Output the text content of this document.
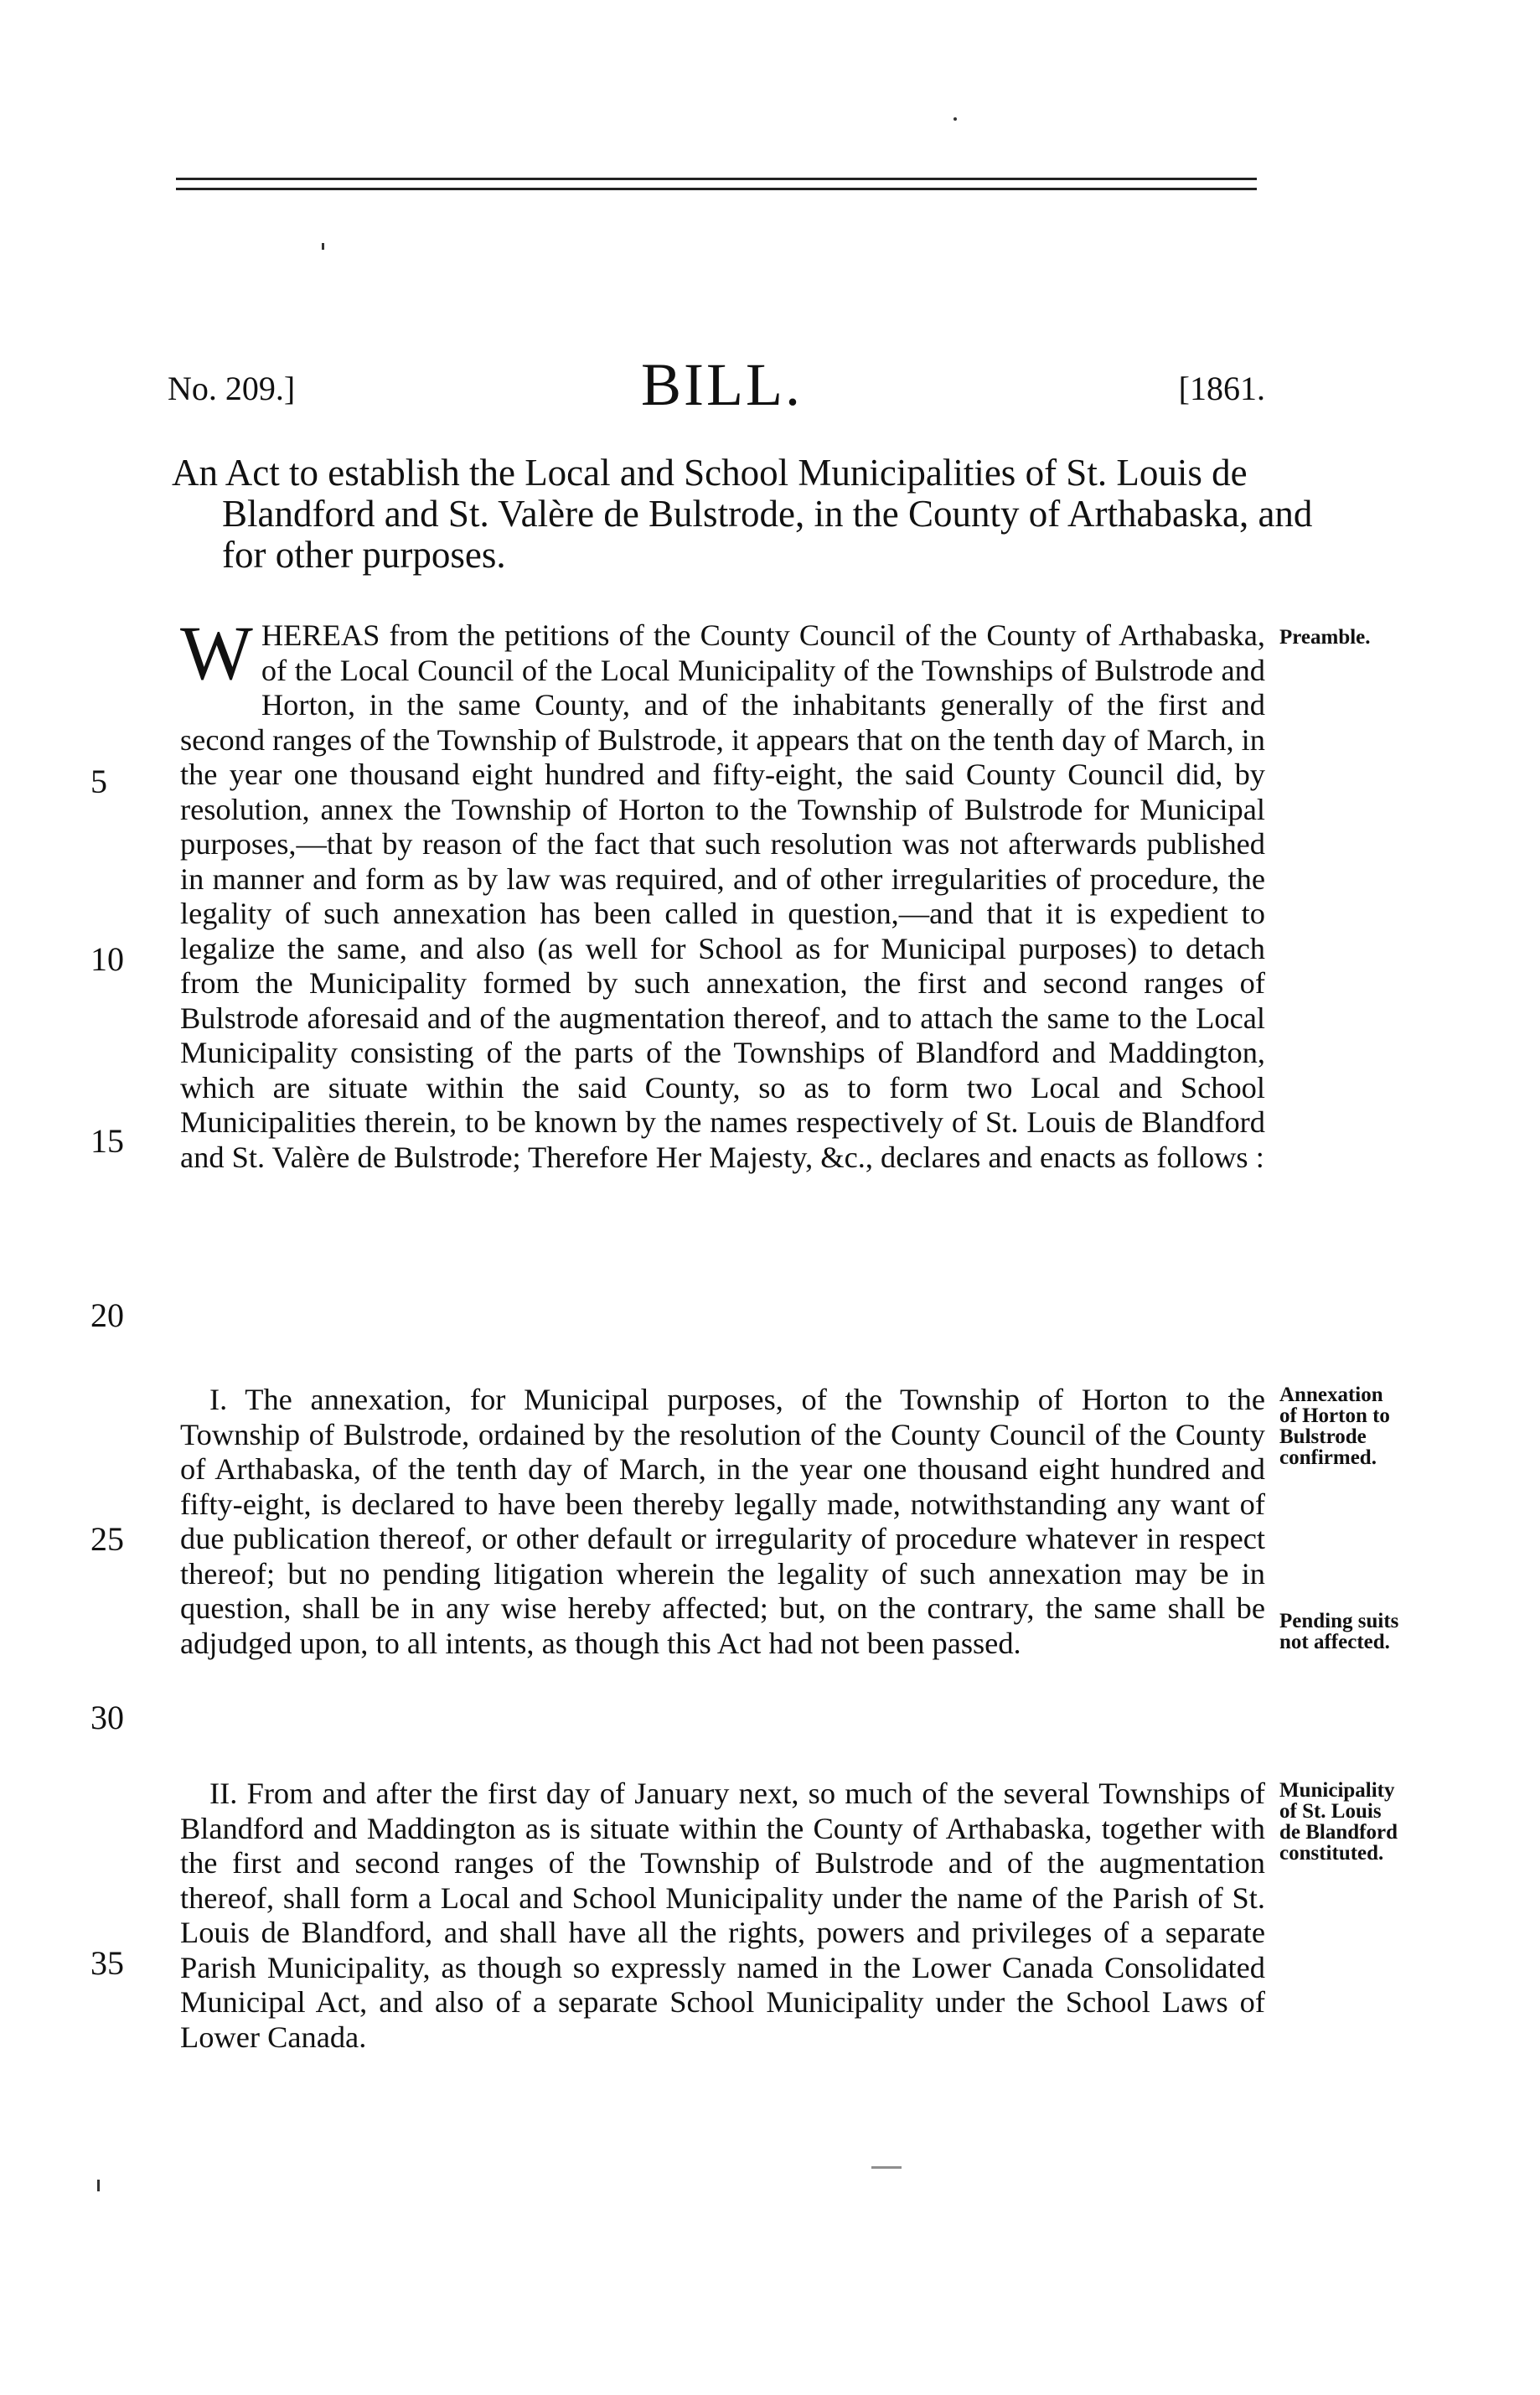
No. 209.]	BILL.	[1861.

An Act to establish the Local and School Municipalities of St. Louis de Blandford and St. Valère de Bulstrode, in the County of Arthabaska, and for other purposes.

WHEREAS from the petitions of the County Council of the County of Arthabaska, of the Local Council of the Local Municipality of the Townships of Bulstrode and Horton, in the same County, and of the inhabitants generally of the first and second ranges of the Township of Bulstrode, it appears that on the tenth day of March, in the year one thousand eight hundred and fifty-eight, the said County Council did, by resolution, annex the Township of Horton to the Township of Bulstrode for Municipal purposes,—that by reason of the fact that such resolution was not afterwards published in manner and form as by law was required, and of other irregularities of procedure, the legality of such annexation has been called in question,—and that it is expedient to legalize the same, and also (as well for School as for Municipal purposes) to detach from the Municipality formed by such annexation, the first and second ranges of Bulstrode aforesaid and of the augmentation thereof, and to attach the same to the Local Municipality consisting of the parts of the Townships of Blandford and Maddington, which are situate within the said County, so as to form two Local and School Municipalities therein, to be known by the names respectively of St. Louis de Blandford and St. Valère de Bulstrode; Therefore Her Majesty, &c., declares and enacts as follows :

I. The annexation, for Municipal purposes, of the Township of Horton to the Township of Bulstrode, ordained by the resolution of the County Council of the County of Arthabaska, of the tenth day of March, in the year one thousand eight hundred and fifty-eight, is declared to have been thereby legally made, notwithstanding any want of due publication thereof, or other default or irregularity of procedure whatever in respect thereof; but no pending litigation wherein the legality of such annexation may be in question, shall be in any wise hereby affected; but, on the contrary, the same shall be adjudged upon, to all intents, as though this Act had not been passed.

II. From and after the first day of January next, so much of the several Townships of Blandford and Maddington as is situate within the County of Arthabaska, together with the first and second ranges of the Township of Bulstrode and of the augmentation thereof, shall form a Local and School Municipality under the name of the Parish of St. Louis de Blandford, and shall have all the rights, powers and privileges of a separate Parish Municipality, as though so expressly named in the Lower Canada Consolidated Municipal Act, and also of a separate School Municipality under the School Laws of Lower Canada.

5
10
15
20
25
30
35

Preamble.

Annexation
of Horton to
Bulstrode
confirmed.

Pending suits
not affected.

Municipality
of St. Louis
de Blandford
constituted.
